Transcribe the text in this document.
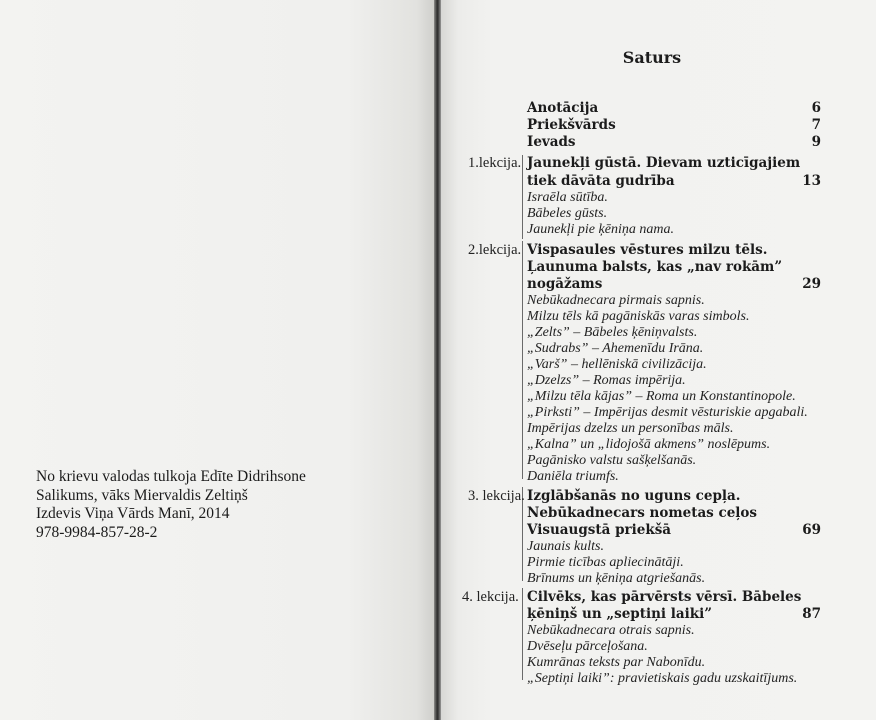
No krievu valodas tulkoja Edīte Didrihsone
Salikums, vāks Miervaldis Zeltiņš
Izdevis Viņa Vārds Manī, 2014
978-9984-857-28-2
Saturs
Anotācija	6
Priekšvārds	7
Ievads	9
1.lekcija. Jaunekļi gūstā. Dievam uzticīgajiem
tiek dāvāta gudrība	13
Israēla sūtība.
Bābeles gūsts.
Jaunekļi pie ķēniņa nama.
2.lekcija. Vispasaules vēstures milzu tēls.
Ļaunuma balsts, kas „nav rokām”
nogāžams	29
Nebūkadnecara pirmais sapnis.
Milzu tēls kā pagāniskās varas simbols.
„Zelts” – Bābeles ķēniņvalsts.
„Sudrabs” – Ahemenīdu Irāna.
„Varš” – hellēniskā civilizācija.
„Dzelzs” – Romas impērija.
„Milzu tēla kājas” – Roma un Konstantinopole.
„Pirksti” – Impērijas desmit vēsturiskie apgabali.
Impērijas dzelzs un personības māls.
„Kalna” un „lidojošā akmens” noslēpums.
Pagānisko valstu sašķelšanās.
Daniēla triumfs.
3. lekcija. Izglābšanās no uguns cepļa.
Nebūkadnecars nometas ceļos
Visuaugstā priekšā	69
Jaunais kults.
Pirmie ticības apliecinātāji.
Brīnums un ķēniņa atgriešanās.
4. lekcija. Cilvēks, kas pārvērsts vērsī. Bābeles
ķēniņš un „septiņi laiki”	87
Nebūkadnecara otrais sapnis.
Dvēseļu pārceļošana.
Kumrānas teksts par Nabonīdu.
„Septiņi laiki”: pravietiskais gadu uzskaitījums.
